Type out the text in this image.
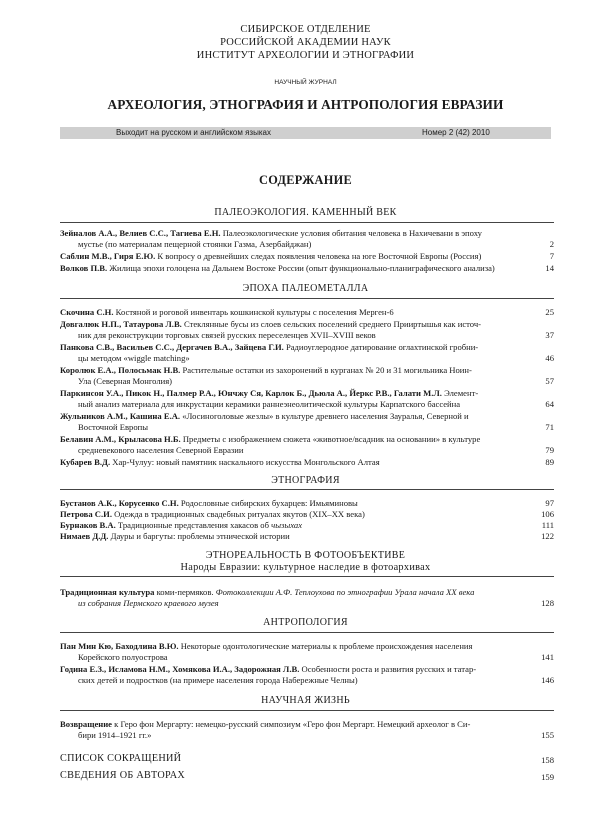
СИБИРСКОЕ ОТДЕЛЕНИЕ
РОССИЙСКОЙ АКАДЕМИИ НАУК
ИНСТИТУТ АРХЕОЛОГИИ И ЭТНОГРАФИИ
НАУЧНЫЙ ЖУРНАЛ
АРХЕОЛОГИЯ, ЭТНОГРАФИЯ И АНТРОПОЛОГИЯ ЕВРАЗИИ
Выходит на русском и английском языках	Номер 2 (42) 2010
СОДЕРЖАНИЕ
ПАЛЕОЭКОЛОГИЯ. КАМЕННЫЙ ВЕК
Зейналов А.А., Велиев С.С., Тагиева Е.Н. Палеоэкологические условия обитания человека в Нахичевани в эпоху
мустье (по материалам пещерной стоянки Газма, Азербайджан)	2
Саблин М.В., Гиря Е.Ю. К вопросу о древнейших следах появления человека на юге Восточной Европы (Россия)	7
Волков П.В. Жилища эпохи голоцена на Дальнем Востоке России (опыт функционально-планиграфического анализа)	14
ЭПОХА ПАЛЕОМЕТАЛЛА
Скочина С.Н. Костяной и роговой инвентарь кошкинской культуры с поселения Мерген-6	25
Довгалюк Н.П., Татаурова Л.В. Стеклянные бусы из слоев сельских поселений среднего Прииртышья как источ-
ник для реконструкции торговых связей русских переселенцев XVII–XVIII веков	37
Панкова С.В., Васильев С.С., Дергачев В.А., Зайцева Г.И. Радиоуглеродное датирование оглахтинской гробни-
цы методом «wiggle matching»	46
Королюк Е.А., Полосьмак Н.В. Растительные остатки из захоронений в курганах № 20 и 31 могильника Ноин-
Ула (Северная Монголия)	57
Паркинсон У.А., Пикок Н., Палмер Р.А., Юнчжу Ся, Карлок Б., Дьюла А., Йеркс Р.В., Галати М.Л. Элемент-
ный анализ материала для инкрустации керамики раннеэнеолитической культуры Карпатского бассейна	64
Жульников А.М., Кашина Е.А. «Лосиноголовые жезлы» в культуре древнего населения Зауралья, Северной и
Восточной Европы	71
Белавин А.М., Крыласова Н.Б. Предметы с изображением сюжета «животное/всадник на основании» в культуре
средневекового населения Северной Евразии	79
Кубарев В.Д. Хар-Чулуу: новый памятник наскального искусства Монгольского Алтая	89
ЭТНОГРАФИЯ
Бустанов А.К., Корусенко С.Н. Родословные сибирских бухарцев: Имьяминовы	97
Петрова С.И. Одежда в традиционных свадебных ритуалах якутов (XIX–XX века)	106
Бурнаков В.А. Традиционные представления хакасов об чызыхах	111
Нимаев Д.Д. Дауры и баргуты: проблемы этнической истории	122
ЭТНОРЕАЛЬНОСТЬ В ФОТООБЪЕКТИВЕ
Народы Евразии: культурное наследие в фотоархивах
Традиционная культура коми-пермяков. Фотоколлекции А.Ф. Теплоухова по этнографии Урала начала XX века
из собрания Пермского краевого музея	128
АНТРОПОЛОГИЯ
Пан Мин Кю, Баходлина В.Ю. Некоторые одонтологические материалы к проблеме происхождения населения
Корейского полуострова	141
Година Е.З., Исламова Н.М., Хомякова И.А., Задорожная Л.В. Особенности роста и развития русских и татар-
ских детей и подростков (на примере населения города Набережные Челны)	146
НАУЧНАЯ ЖИЗНЬ
Возвращение к Геро фон Мергарту: немецко-русский симпозиум «Геро фон Мергарт. Немецкий археолог в Си-
бири 1914–1921 гг.»	155
СПИСОК СОКРАЩЕНИЙ	158
СВЕДЕНИЯ ОБ АВТОРАХ	159
